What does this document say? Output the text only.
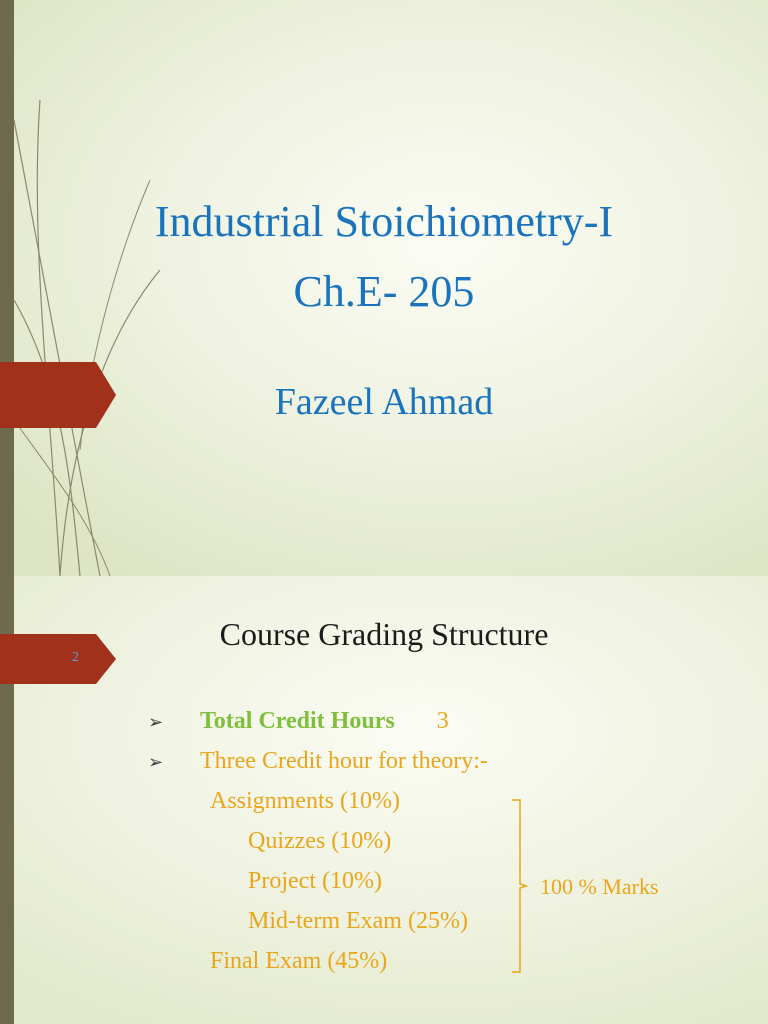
Industrial Stoichiometry-I
Ch.E- 205
Fazeel Ahmad
2
Course Grading Structure
➢ Total Credit Hours 3
➢ Three Credit hour for theory:-
Assignments (10%)
Quizzes (10%)
Project (10%)
Mid-term Exam (25%)
Final Exam (45%)
100 % Marks
